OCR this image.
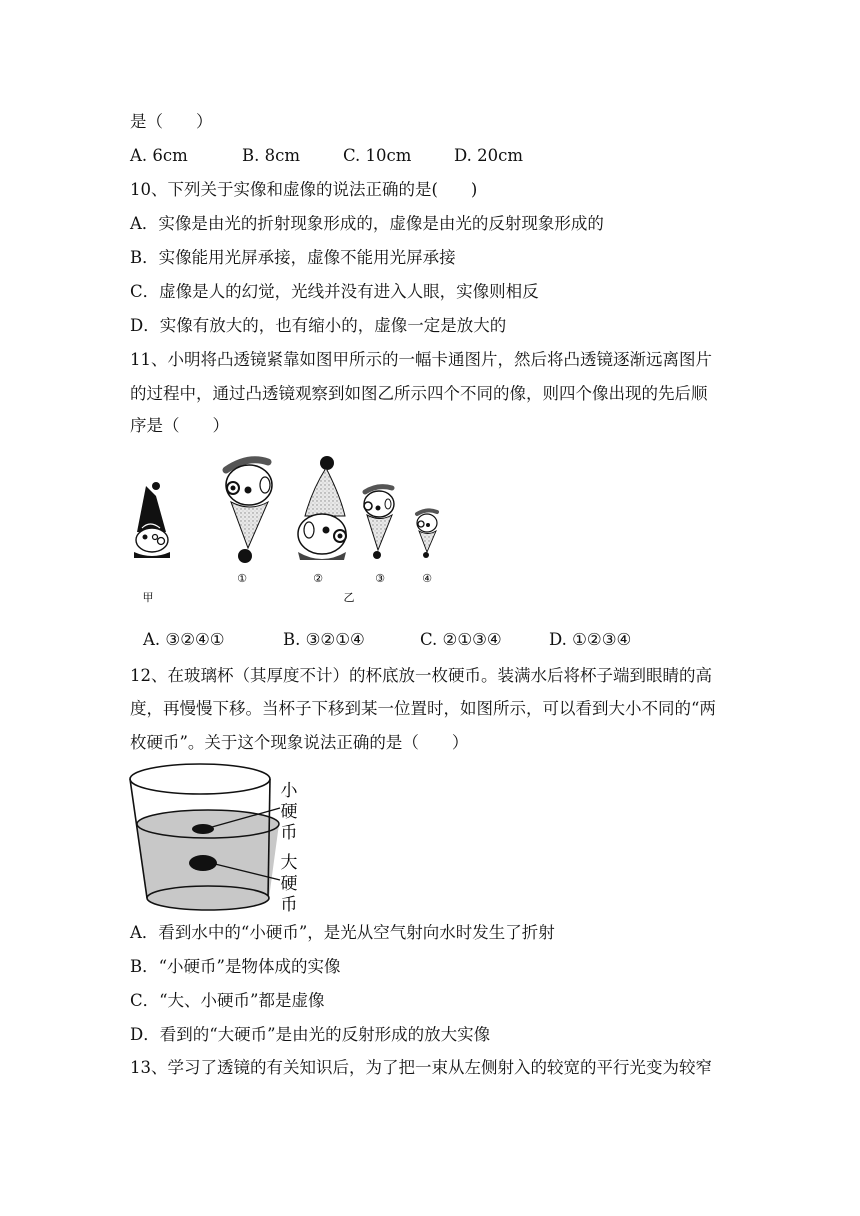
是（　　）
A. 6cm	B. 8cm	C. 10cm	D. 20cm
10、下列关于实像和虚像的说法正确的是(　　)
A．实像是由光的折射现象形成的，虚像是由光的反射现象形成的
B．实像能用光屏承接，虚像不能用光屏承接
C．虚像是人的幻觉，光线并没有进入人眼，实像则相反
D．实像有放大的，也有缩小的，虚像一定是放大的
11、小明将凸透镜紧靠如图甲所示的一幅卡通图片，然后将凸透镜逐渐远离图片
的过程中，通过凸透镜观察到如图乙所示四个不同的像，则四个像出现的先后顺
序是（　　）
①	②	③	④
甲	乙
A. ③②④①	B. ③②①④	C. ②①③④	D. ①②③④
12、在玻璃杯（其厚度不计）的杯底放一枚硬币。装满水后将杯子端到眼睛的高
度，再慢慢下移。当杯子下移到某一位置时，如图所示，可以看到大小不同的“两
枚硬币”。关于这个现象说法正确的是（　　）
小
硬
币
大
硬
币
A．看到水中的“小硬币”，是光从空气射向水时发生了折射
B．“小硬币”是物体成的实像
C．“大、小硬币”都是虚像
D．看到的“大硬币”是由光的反射形成的放大实像
13、学习了透镜的有关知识后，为了把一束从左侧射入的较宽的平行光变为较窄
